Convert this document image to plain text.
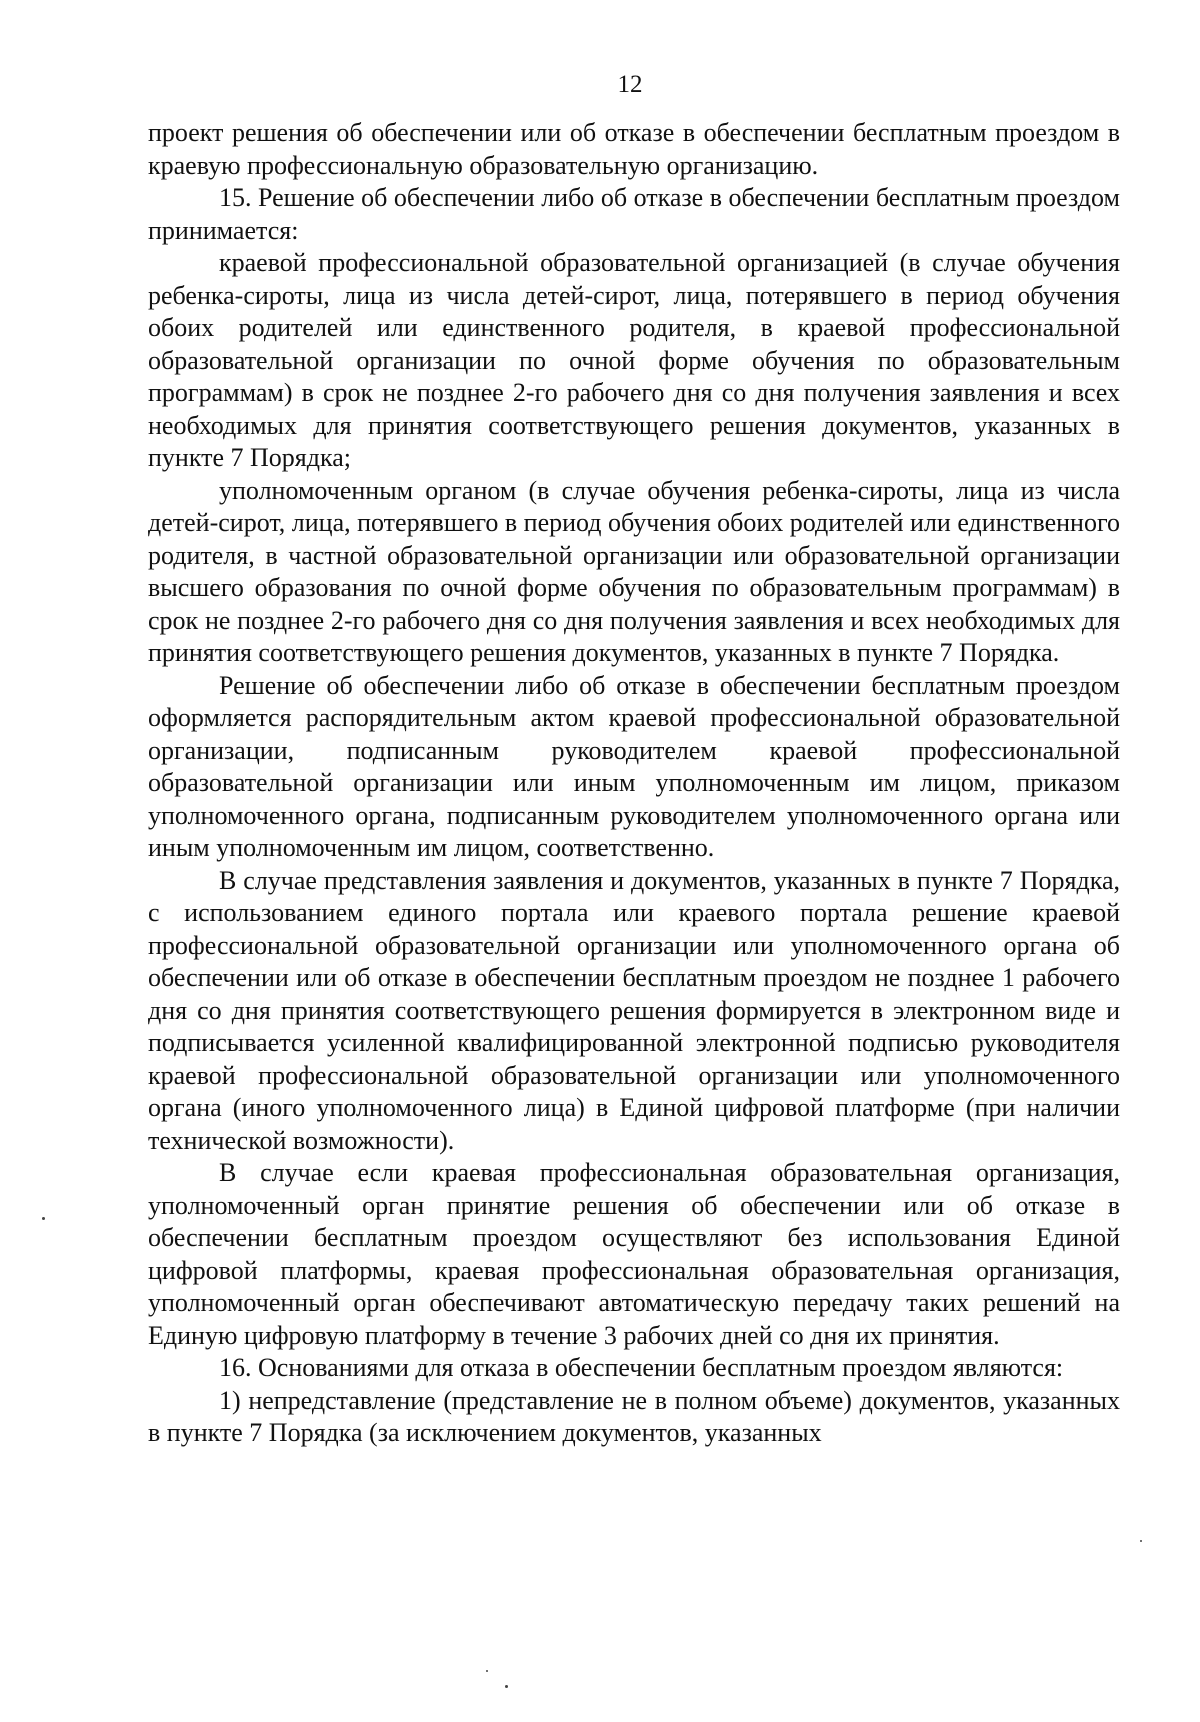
12

проект решения об обеспечении или об отказе в обеспечении бесплатным проездом в краевую профессиональную образовательную организацию.

15. Решение об обеспечении либо об отказе в обеспечении бесплатным проездом принимается:

краевой профессиональной образовательной организацией (в случае обучения ребенка-сироты, лица из числа детей-сирот, лица, потерявшего в период обучения обоих родителей или единственного родителя, в краевой профессиональной образовательной организации по очной форме обучения по образовательным программам) в срок не позднее 2-го рабочего дня со дня получения заявления и всех необходимых для принятия соответствующего решения документов, указанных в пункте 7 Порядка;

уполномоченным органом (в случае обучения ребенка-сироты, лица из числа детей-сирот, лица, потерявшего в период обучения обоих родителей или единственного родителя, в частной образовательной организации или образовательной организации высшего образования по очной форме обучения по образовательным программам) в срок не позднее 2-го рабочего дня со дня получения заявления и всех необходимых для принятия соответствующего решения документов, указанных в пункте 7 Порядка.

Решение об обеспечении либо об отказе в обеспечении бесплатным проездом оформляется распорядительным актом краевой профессиональной образовательной организации, подписанным руководителем краевой профессиональной образовательной организации или иным уполномоченным им лицом, приказом уполномоченного органа, подписанным руководителем уполномоченного органа или иным уполномоченным им лицом, соответственно.

В случае представления заявления и документов, указанных в пункте 7 Порядка, с использованием единого портала или краевого портала решение краевой профессиональной образовательной организации или уполномоченного органа об обеспечении или об отказе в обеспечении бесплатным проездом не позднее 1 рабочего дня со дня принятия соответствующего решения формируется в электронном виде и подписывается усиленной квалифицированной электронной подписью руководителя краевой профессиональной образовательной организации или уполномоченного органа (иного уполномоченного лица) в Единой цифровой платформе (при наличии технической возможности).

В случае если краевая профессиональная образовательная организация, уполномоченный орган принятие решения об обеспечении или об отказе в обеспечении бесплатным проездом осуществляют без использования Единой цифровой платформы, краевая профессиональная образовательная организация, уполномоченный орган обеспечивают автоматическую передачу таких решений на Единую цифровую платформу в течение 3 рабочих дней со дня их принятия.

16. Основаниями для отказа в обеспечении бесплатным проездом являются:

1) непредставление (представление не в полном объеме) документов, указанных в пункте 7 Порядка (за исключением документов, указанных
